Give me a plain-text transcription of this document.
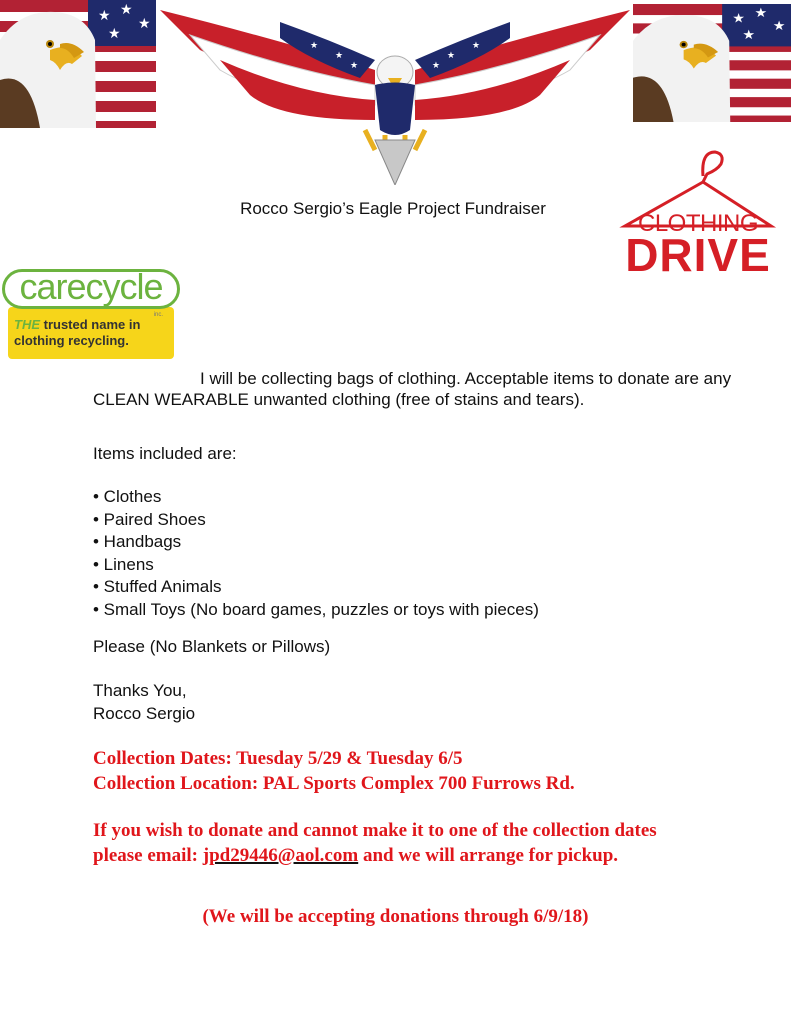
★ ★
★
★
★
★
★
★
★
★
★ ★
★
★
Rocco Sergio’s Eagle Project Fundraiser
CLOTHING
DRIVE
carecycle
inc.
THE trusted name in clothing recycling.
I will be collecting bags of clothing. Acceptable items to donate are any CLEAN WEARABLE unwanted clothing (free of stains and tears).
Items included are:
• Clothes
• Paired Shoes
• Handbags
• Linens
• Stuffed Animals
• Small Toys (No board games, puzzles or toys with pieces)
Please (No Blankets or Pillows)
Thanks You,
Rocco Sergio
Collection Dates: Tuesday 5/29 & Tuesday 6/5
Collection Location: PAL Sports Complex 700 Furrows Rd.
If you wish to donate and cannot make it to one of the collection dates please email: jpd29446@aol.com and we will arrange for pickup.
(We will be accepting donations through 6/9/18)
